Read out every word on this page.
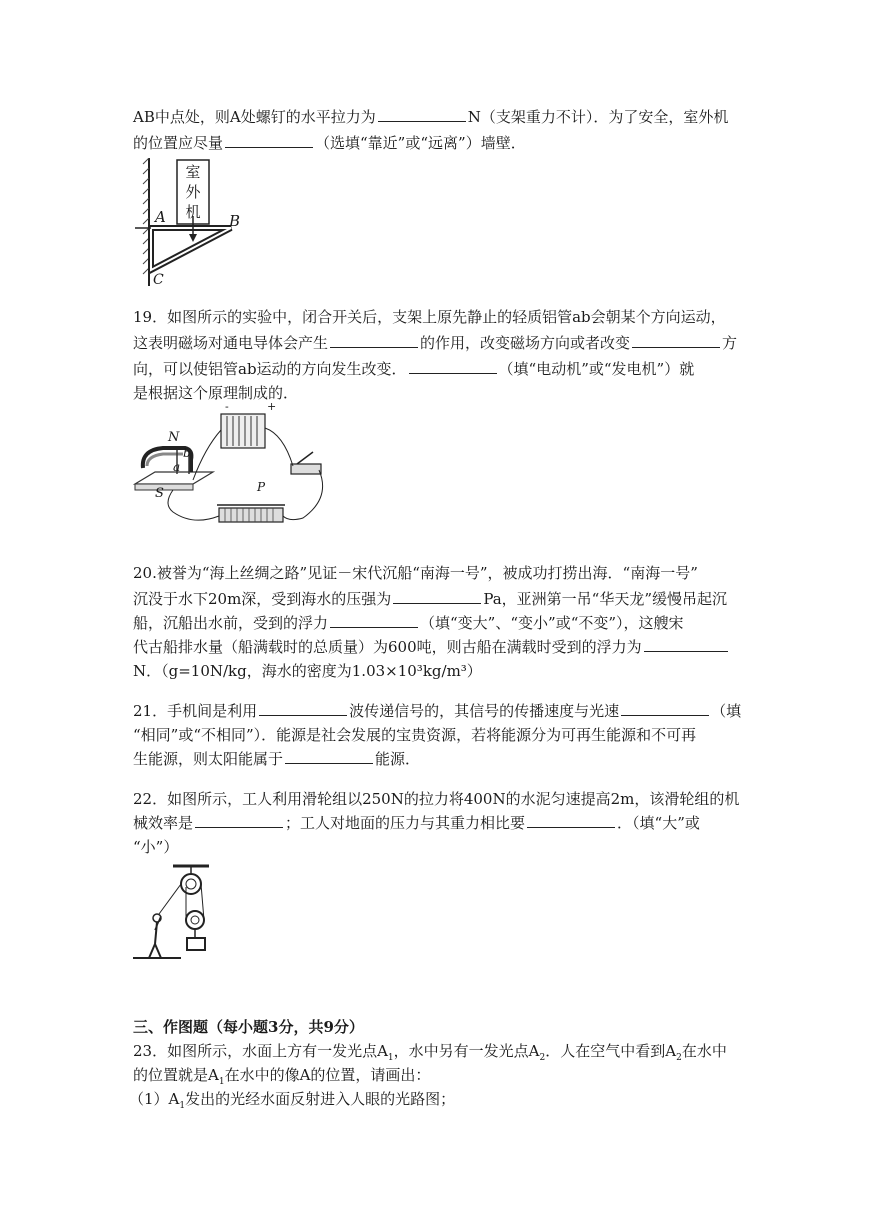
AB中点处，则A处螺钉的水平拉力为	N（支架重力不计）．为了安全，室外机
的位置应尽量	（选填“靠近”或“远离”）墙壁．
室
外
机
A	B
C
19．如图所示的实验中，闭合开关后，支架上原先静止的轻质铝管ab会朝某个方向运动，
这表明磁场对通电导体会产生	的作用，改变磁场方向或者改变	方
向，可以使铝管ab运动的方向发生改变．	（填“电动机”或“发电机”）就
是根据这个原理制成的．
N
S
b
a
P
-	+
20.被誉为“海上丝绸之路”见证－宋代沉船“南海一号”，被成功打捞出海．“南海一号”
沉没于水下20m深，受到海水的压强为	Pa，亚洲第一吊“华天龙”缓慢吊起沉
船，沉船出水前，受到的浮力	（填“变大”、“变小”或“不变”），这艘宋
代古船排水量（船满载时的总质量）为600吨，则古船在满载时受到的浮力为
N．（g=10N/kg，海水的密度为1.03×10³kg/m³）
21．手机间是利用	波传递信号的，其信号的传播速度与光速	（填
“相同”或“不相同”）．能源是社会发展的宝贵资源，若将能源分为可再生能源和不可再
生能源，则太阳能属于	能源．
22．如图所示，工人利用滑轮组以250N的拉力将400N的水泥匀速提高2m，该滑轮组的机
械效率是	；工人对地面的压力与其重力相比要	．（填“大”或
“小”）
三、作图题（每小题3分，共9分）
23．如图所示，水面上方有一发光点$A_1$，水中另有一发光点$A_2$．人在空气中看到$A_2$在水中
的位置就是$A_1$在水中的像A的位置，请画出：
$(1)A_1$发出的光经水面反射进入人眼的光路图；
